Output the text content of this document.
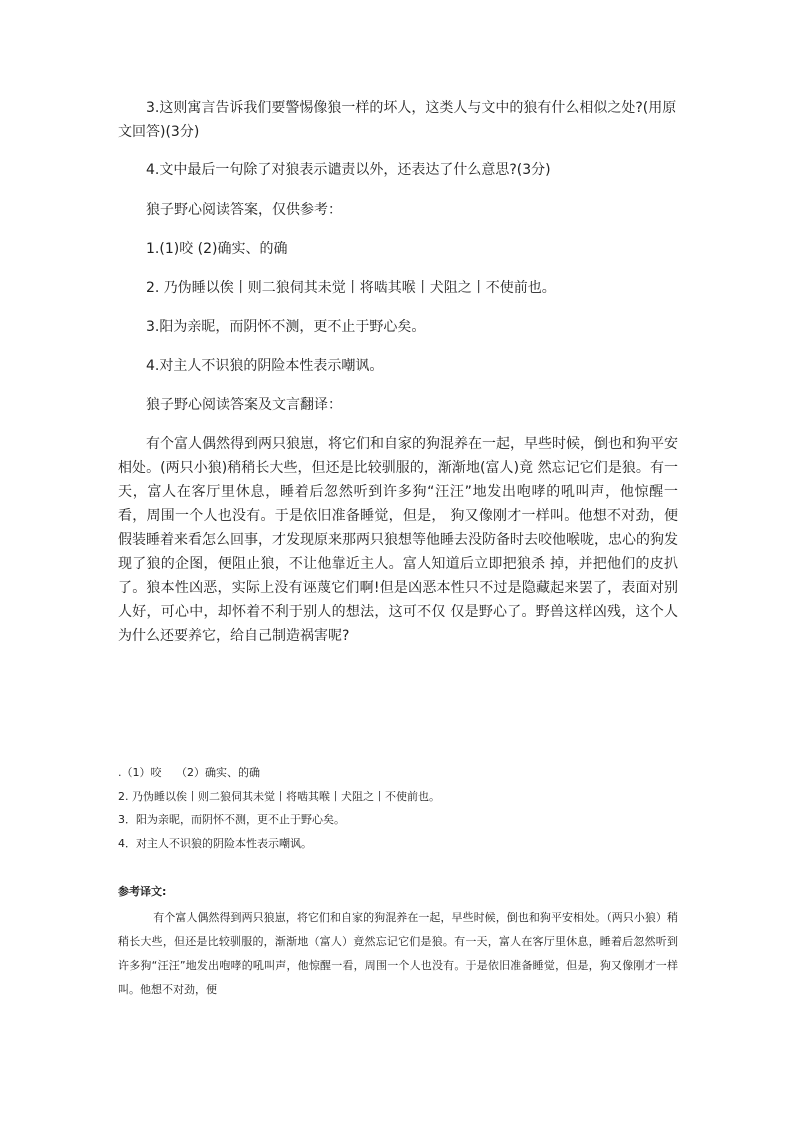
3.这则寓言告诉我们要警惕像狼一样的坏人，这类人与文中的狼有什么相似之处?(用原文回答)(3分)

4.文中最后一句除了对狼表示谴责以外，还表达了什么意思?(3分)

狼子野心阅读答案，仅供参考：

1.(1)咬 (2)确实、的确

2. 乃伪睡以俟丨则二狼伺其未觉丨将啮其喉丨犬阻之丨不使前也。

3.阳为亲昵，而阴怀不测，更不止于野心矣。

4.对主人不识狼的阴险本性表示嘲讽。

狼子野心阅读答案及文言翻译：

有个富人偶然得到两只狼崽，将它们和自家的狗混养在一起，早些时候，倒也和狗平安相处。(两只小狼)稍稍长大些，但还是比较驯服的，渐渐地(富人)竟 然忘记它们是狼。有一天，富人在客厅里休息，睡着后忽然听到许多狗“汪汪”地发出咆哮的吼叫声，他惊醒一看，周围一个人也没有。于是依旧准备睡觉，但是， 狗又像刚才一样叫。他想不对劲，便假装睡着来看怎么回事，才发现原来那两只狼想等他睡去没防备时去咬他喉咙，忠心的狗发现了狼的企图，便阻止狼，不让他靠近主人。富人知道后立即把狼杀 掉，并把他们的皮扒了。狼本性凶恶，实际上没有诬蔑它们啊!但是凶恶本性只不过是隐藏起来罢了，表面对别人好，可心中，却怀着不利于别人的想法，这可不仅 仅是野心了。野兽这样凶残，这个人为什么还要养它，给自己制造祸害呢?

.（1）咬　 （2）确实、的确

2. 乃伪睡以俟丨则二狼伺其未觉丨将啮其喉丨犬阻之丨不使前也。

3．阳为亲昵，而阴怀不测，更不止于野心矣。

4．对主人不识狼的阴险本性表示嘲讽。

参考译文:

有个富人偶然得到两只狼崽，将它们和自家的狗混养在一起，早些时候，倒也和狗平安相处。（两只小狼）稍稍长大些，但还是比较驯服的，渐渐地（富人）竟然忘记它们是狼。有一天，富人在客厅里休息，睡着后忽然听到许多狗“汪汪”地发出咆哮的吼叫声，他惊醒一看，周围一个人也没有。于是依旧准备睡觉，但是，狗又像刚才一样叫。他想不对劲，便
